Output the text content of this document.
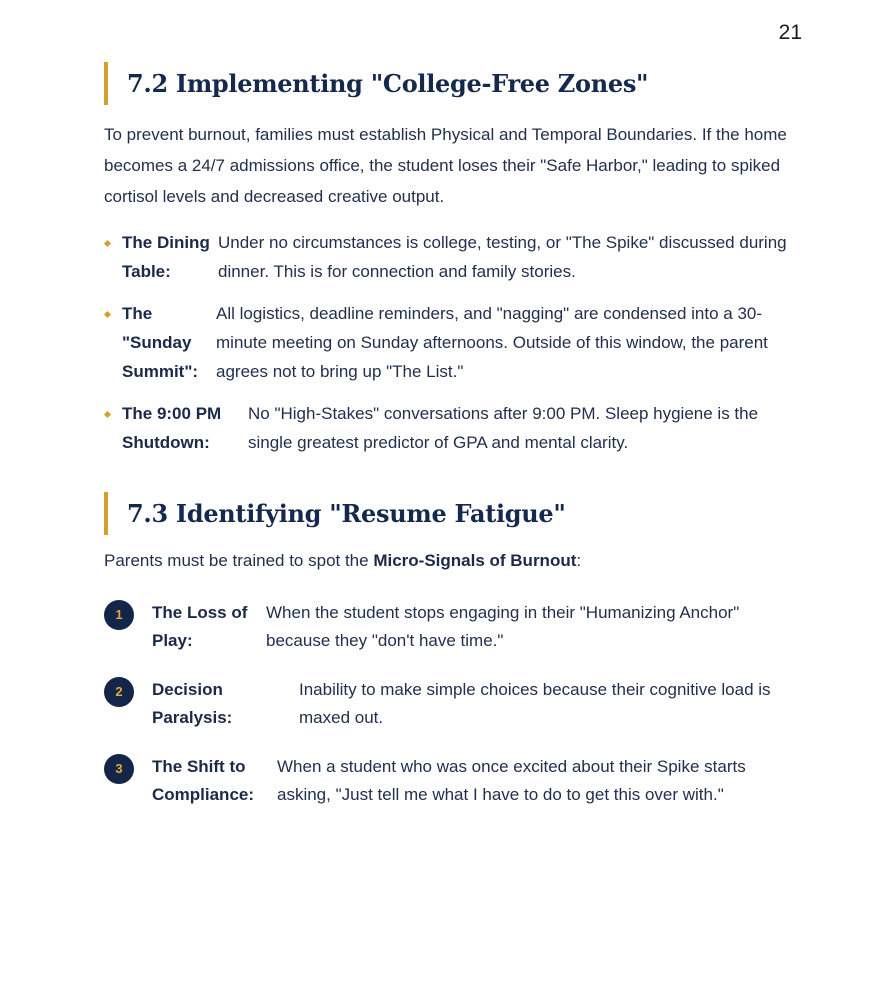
21
7.2 Implementing "College-Free Zones"

To prevent burnout, families must establish Physical and Temporal Boundaries. If the home becomes a 24/7 admissions office, the student loses their "Safe Harbor," leading to spiked cortisol levels and decreased creative output.

The Dining Table:
Under no circumstances is college, testing, or "The Spike" discussed during dinner. This is for connection and family stories.
The "Sunday Summit":
All logistics, deadline reminders, and "nagging" are condensed into a 30-minute meeting on Sunday afternoons. Outside of this window, the parent agrees not to bring up "The List."
The 9:00 PM Shutdown:
No "High-Stakes" conversations after 9:00 PM. Sleep hygiene is the single greatest predictor of GPA and mental clarity.
7.3 Identifying "Resume Fatigue"

Parents must be trained to spot the Micro-Signals of Burnout:

1	The Loss of Play:
When the student stops engaging in their "Humanizing Anchor" because they "don't have time."
2	Decision Paralysis:
Inability to make simple choices because their cognitive load is maxed out.
3	The Shift to Compliance:
When a student who was once excited about their Spike starts asking, "Just tell me what I have to do to get this over with."
